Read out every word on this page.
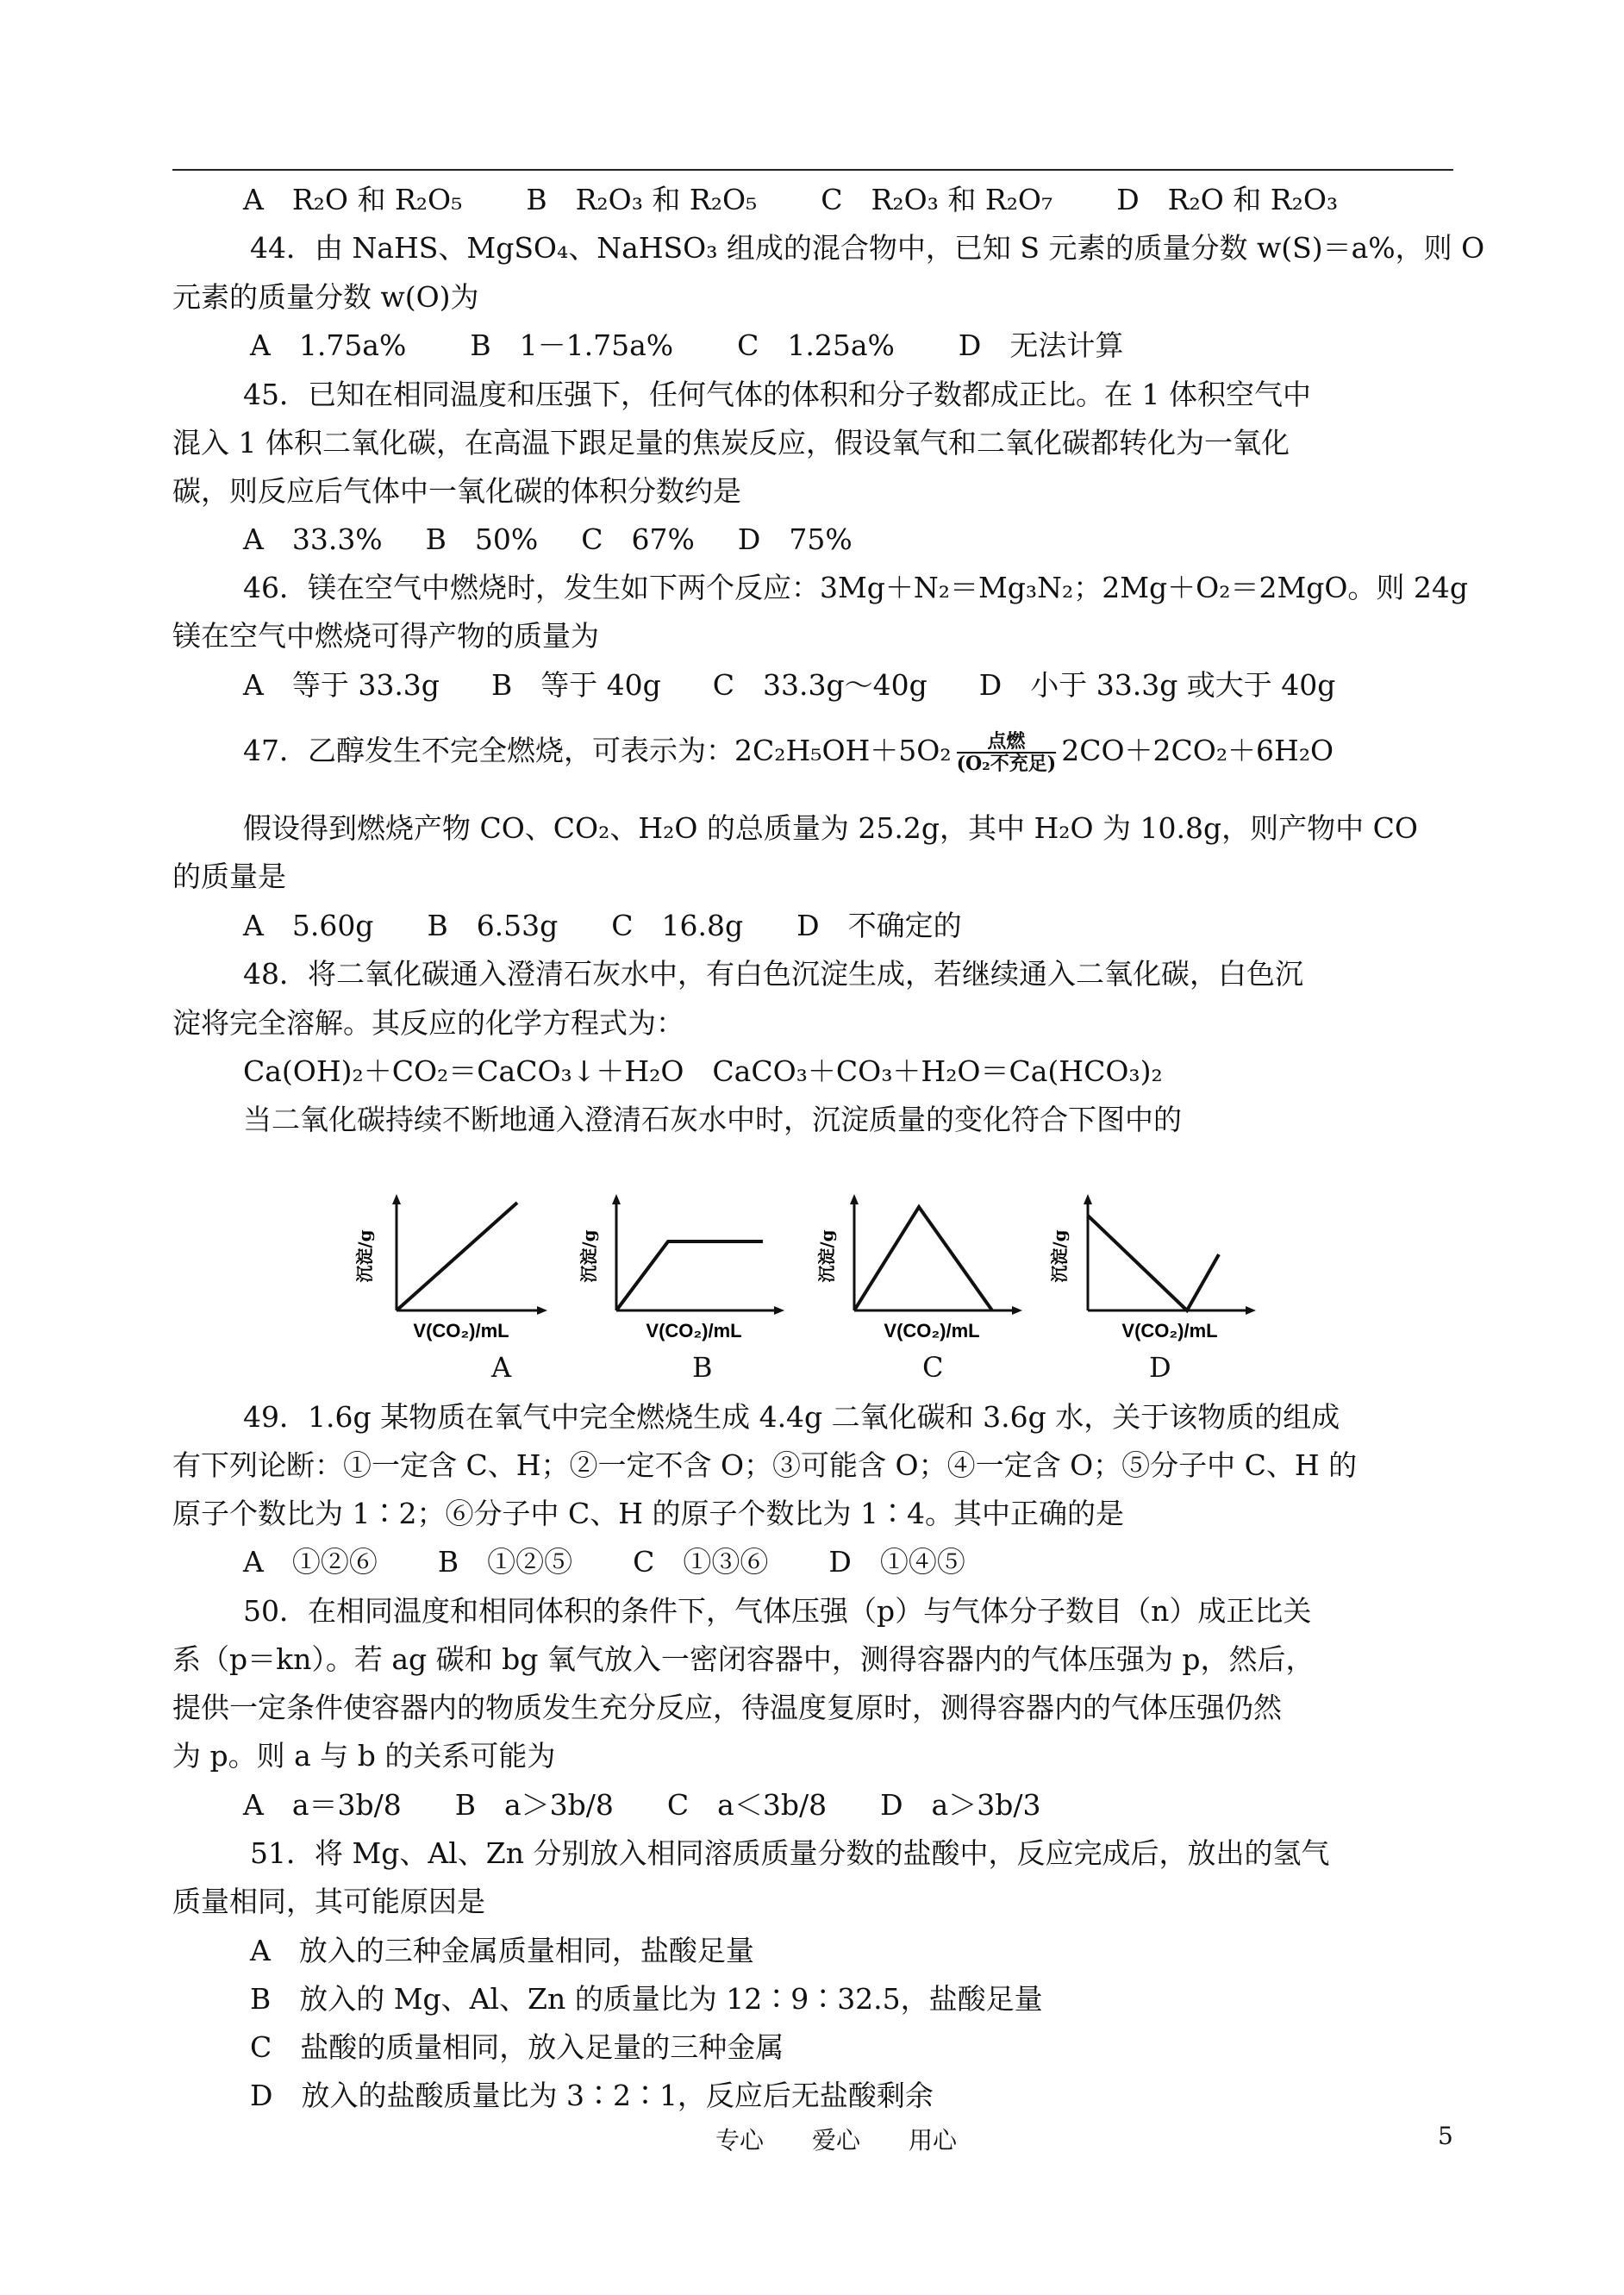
A　R₂O 和 R₂O₅ B　R₂O₃ 和 R₂O₅ C　R₂O₃ 和 R₂O₇ D　R₂O 和 R₂O₃
44．由 NaHS、MgSO₄、NaHSO₃ 组成的混合物中，已知 S 元素的质量分数 w(S)＝a%，则 O
元素的质量分数 w(O)为
A　1.75a% B　1－1.75a% C　1.25a% D　无法计算
45．已知在相同温度和压强下，任何气体的体积和分子数都成正比。在 1 体积空气中
混入 1 体积二氧化碳，在高温下跟足量的焦炭反应，假设氧气和二氧化碳都转化为一氧化
碳，则反应后气体中一氧化碳的体积分数约是
A　33.3% B　50% C　67% D　75%
46．镁在空气中燃烧时，发生如下两个反应：3Mg＋N₂＝Mg₃N₂；2Mg＋O₂＝2MgO。则 24g
镁在空气中燃烧可得产物的质量为
A　等于 33.3g B　等于 40g C　33.3g～40g D　小于 33.3g 或大于 40g
47．乙醇发生不完全燃烧，可表示为：$2C_2H_5OH+5O_2 \frac{\text{点燃}}{\text{(O₂不充足)}} 2CO+2CO_2+6H_2O$
假设得到燃烧产物 CO、CO₂、H₂O 的总质量为 25.2g，其中 H₂O 为 10.8g，则产物中 CO
的质量是
A　5.60g B　6.53g C　16.8g D　不确定的
48．将二氧化碳通入澄清石灰水中，有白色沉淀生成，若继续通入二氧化碳，白色沉
淀将完全溶解。其反应的化学方程式为：
Ca(OH)₂＋CO₂＝CaCO₃↓＋H₂O　CaCO₃＋CO₃＋H₂O＝Ca(HCO₃)₂
当二氧化碳持续不断地通入澄清石灰水中时，沉淀质量的变化符合下图中的
沉淀/g
V(CO₂)/mL
沉淀/g
V(CO₂)/mL
沉淀/g
V(CO₂)/mL
沉淀/g
V(CO₂)/mL
A	B	C	D
49．1.6g 某物质在氧气中完全燃烧生成 4.4g 二氧化碳和 3.6g 水，关于该物质的组成
有下列论断：①一定含 C、H；②一定不含 O；③可能含 O；④一定含 O；⑤分子中 C、H 的
原子个数比为 1∶2；⑥分子中 C、H 的原子个数比为 1∶4。其中正确的是
A　①②⑥ B　①②⑤ C　①③⑥ D　①④⑤
50．在相同温度和相同体积的条件下，气体压强（p）与气体分子数目（n）成正比关
系（p＝kn）。若 ag 碳和 bg 氧气放入一密闭容器中，测得容器内的气体压强为 p，然后，
提供一定条件使容器内的物质发生充分反应，待温度复原时，测得容器内的气体压强仍然
为 p。则 a 与 b 的关系可能为
A　a＝3b/8 B　a＞3b/8 C　a＜3b/8 D　a＞3b/3
51．将 Mg、Al、Zn 分别放入相同溶质质量分数的盐酸中，反应完成后，放出的氢气
质量相同，其可能原因是
A　放入的三种金属质量相同，盐酸足量
B　放入的 Mg、Al、Zn 的质量比为 12∶9∶32.5，盐酸足量
C　盐酸的质量相同，放入足量的三种金属
D　放入的盐酸质量比为 3∶2∶1，反应后无盐酸剩余
专心　　爱心　　用心	5
